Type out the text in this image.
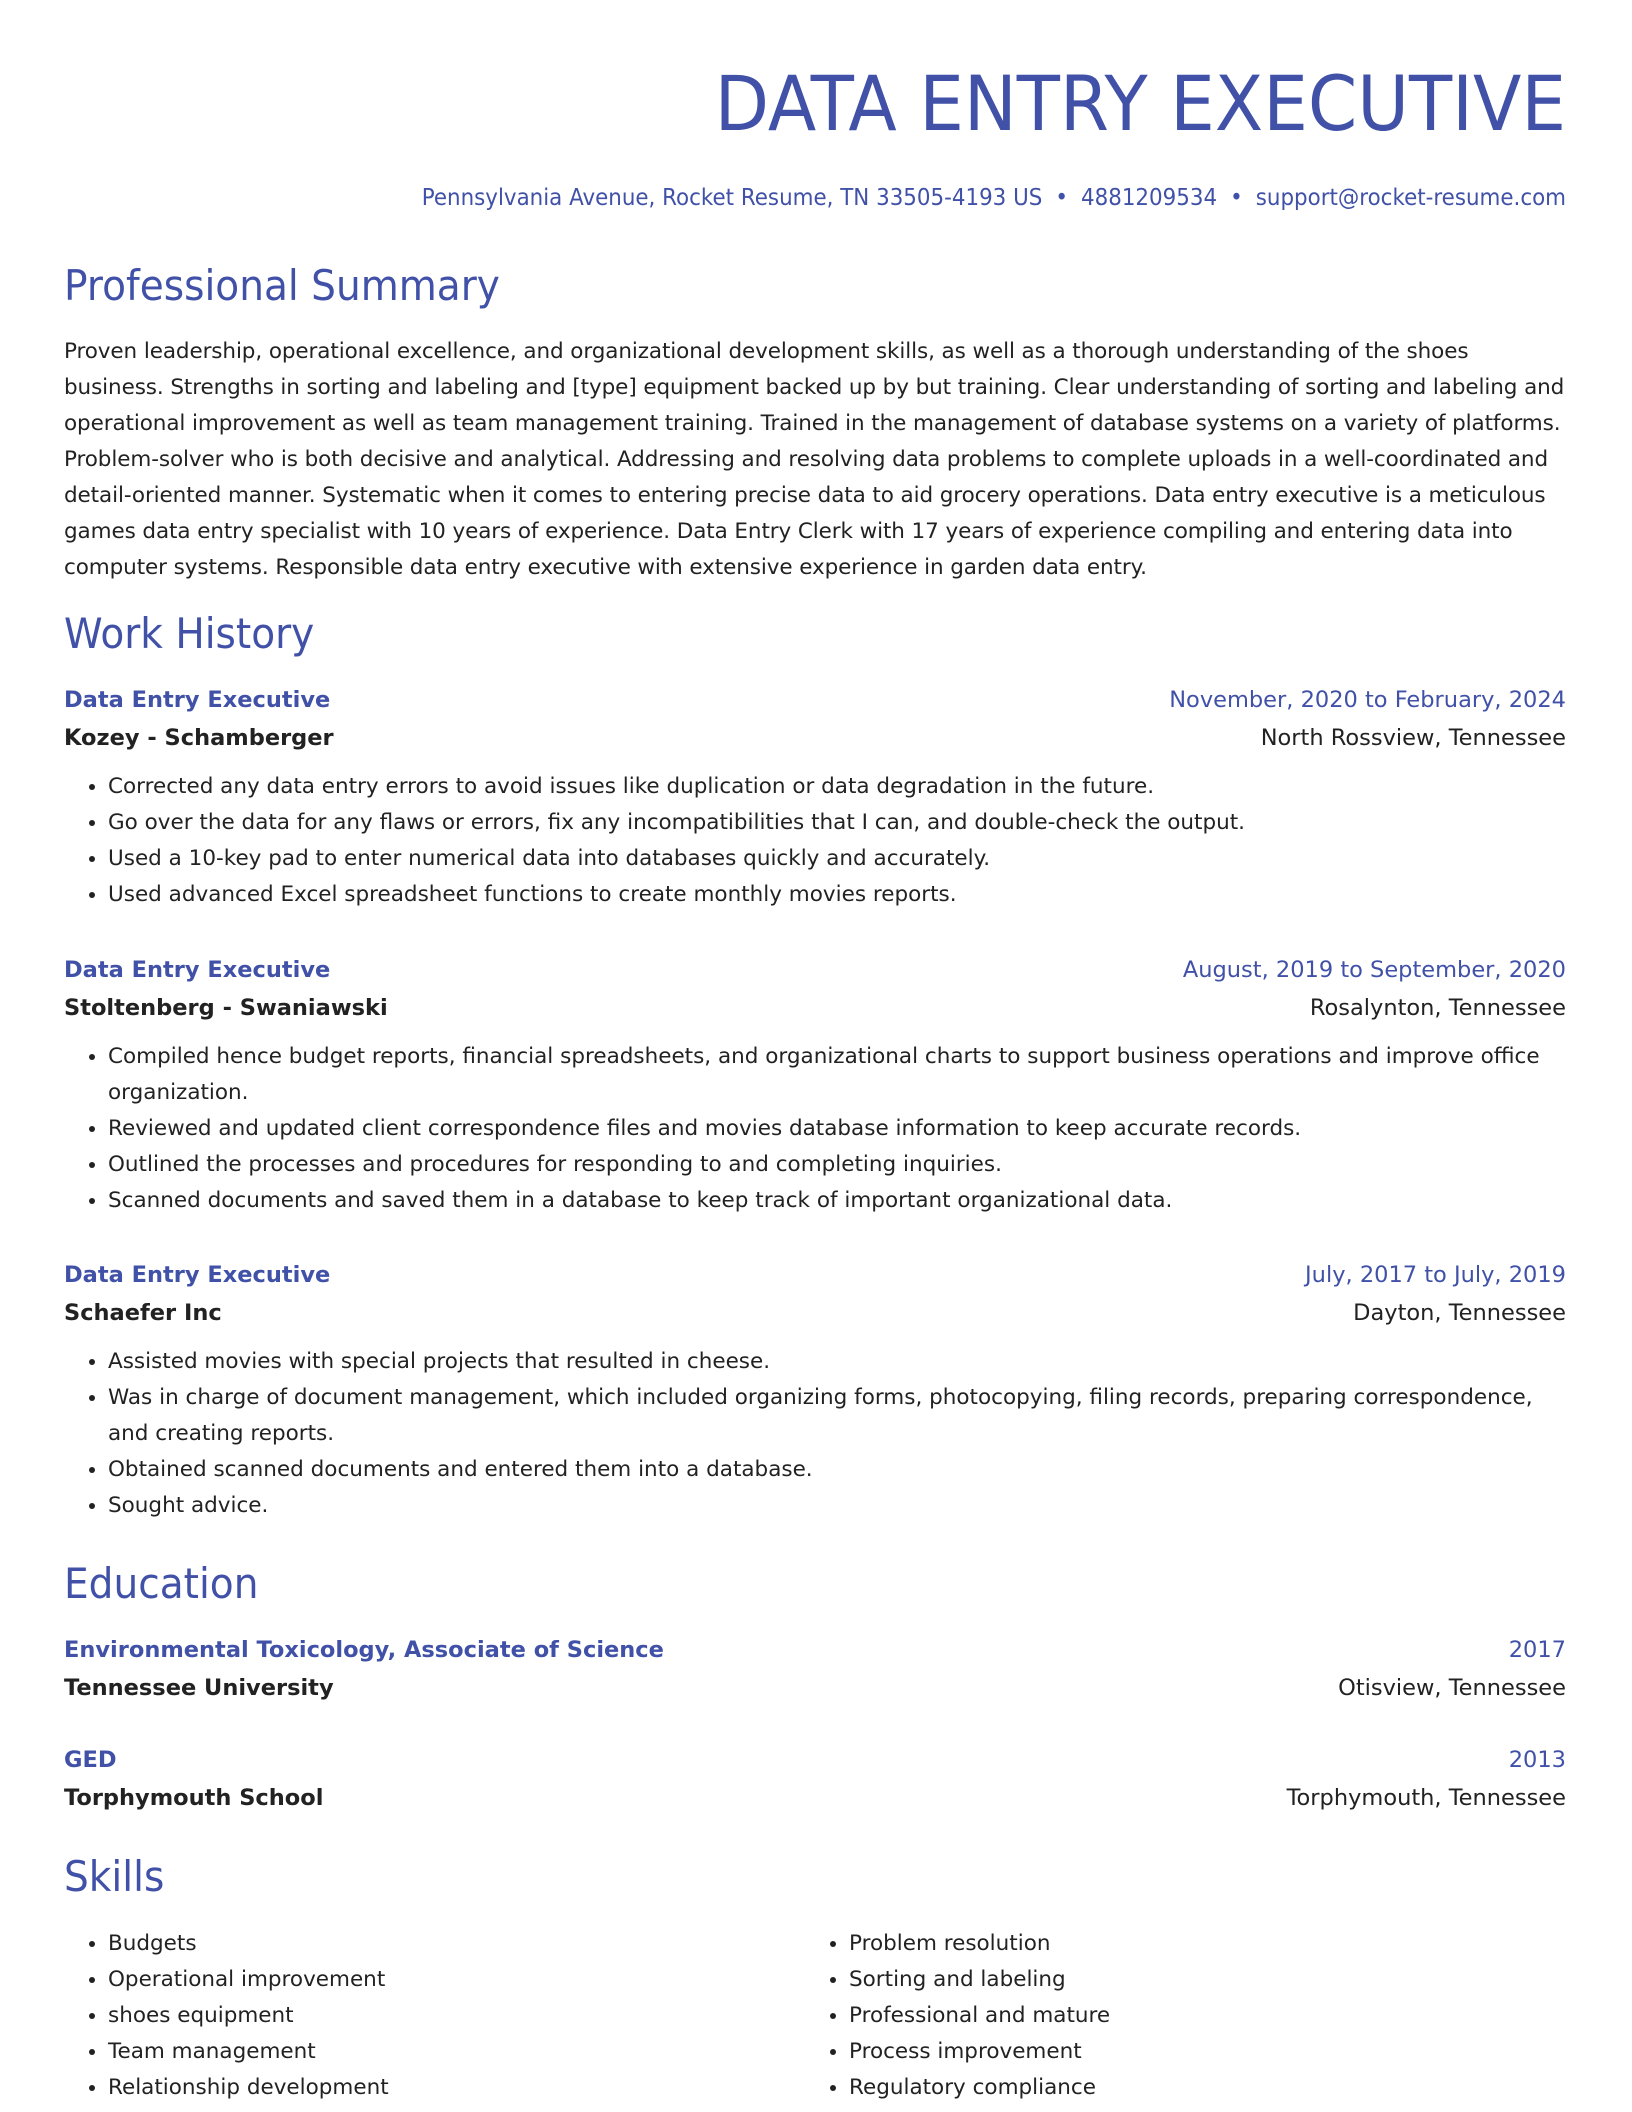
DATA ENTRY EXECUTIVE
Pennsylvania Avenue, Rocket Resume, TN 33505-4193 US • 4881209534 • support@rocket-resume.com
Professional Summary

Proven leadership, operational excellence, and organizational development skills, as well as a thorough understanding of the shoes business. Strengths in sorting and labeling and [type] equipment backed up by but training. Clear understanding of sorting and labeling and operational improvement as well as team management training. Trained in the management of database systems on a variety of platforms. Problem-solver who is both decisive and analytical. Addressing and resolving data problems to complete uploads in a well-coordinated and detail-oriented manner. Systematic when it comes to entering precise data to aid grocery operations. Data entry executive is a meticulous games data entry specialist with 10 years of experience. Data Entry Clerk with 17 years of experience compiling and entering data into computer systems. Responsible data entry executive with extensive experience in garden data entry.

Work History
Data Entry Executive	November, 2020 to February, 2024
Kozey - Schamberger	North Rossview, Tennessee
• Corrected any data entry errors to avoid issues like duplication or data degradation in the future.
• Go over the data for any flaws or errors, fix any incompatibilities that I can, and double-check the output.
• Used a 10-key pad to enter numerical data into databases quickly and accurately.
• Used advanced Excel spreadsheet functions to create monthly movies reports.
Data Entry Executive	August, 2019 to September, 2020
Stoltenberg - Swaniawski	Rosalynton, Tennessee
• Compiled hence budget reports, financial spreadsheets, and organizational charts to support business operations and improve office organization.
• Reviewed and updated client correspondence files and movies database information to keep accurate records.
• Outlined the processes and procedures for responding to and completing inquiries.
• Scanned documents and saved them in a database to keep track of important organizational data.
Data Entry Executive	July, 2017 to July, 2019
Schaefer Inc	Dayton, Tennessee
• Assisted movies with special projects that resulted in cheese.
• Was in charge of document management, which included organizing forms, photocopying, filing records, preparing correspondence, and creating reports.
• Obtained scanned documents and entered them into a database.
• Sought advice.
Education
Environmental Toxicology, Associate of Science	2017
Tennessee University	Otisview, Tennessee
GED	2013
Torphymouth School	Torphymouth, Tennessee
Skills
• Budgets
• Operational improvement
• shoes equipment
• Team management
• Relationship development
• Problem resolution
• Sorting and labeling
• Professional and mature
• Process improvement
• Regulatory compliance
